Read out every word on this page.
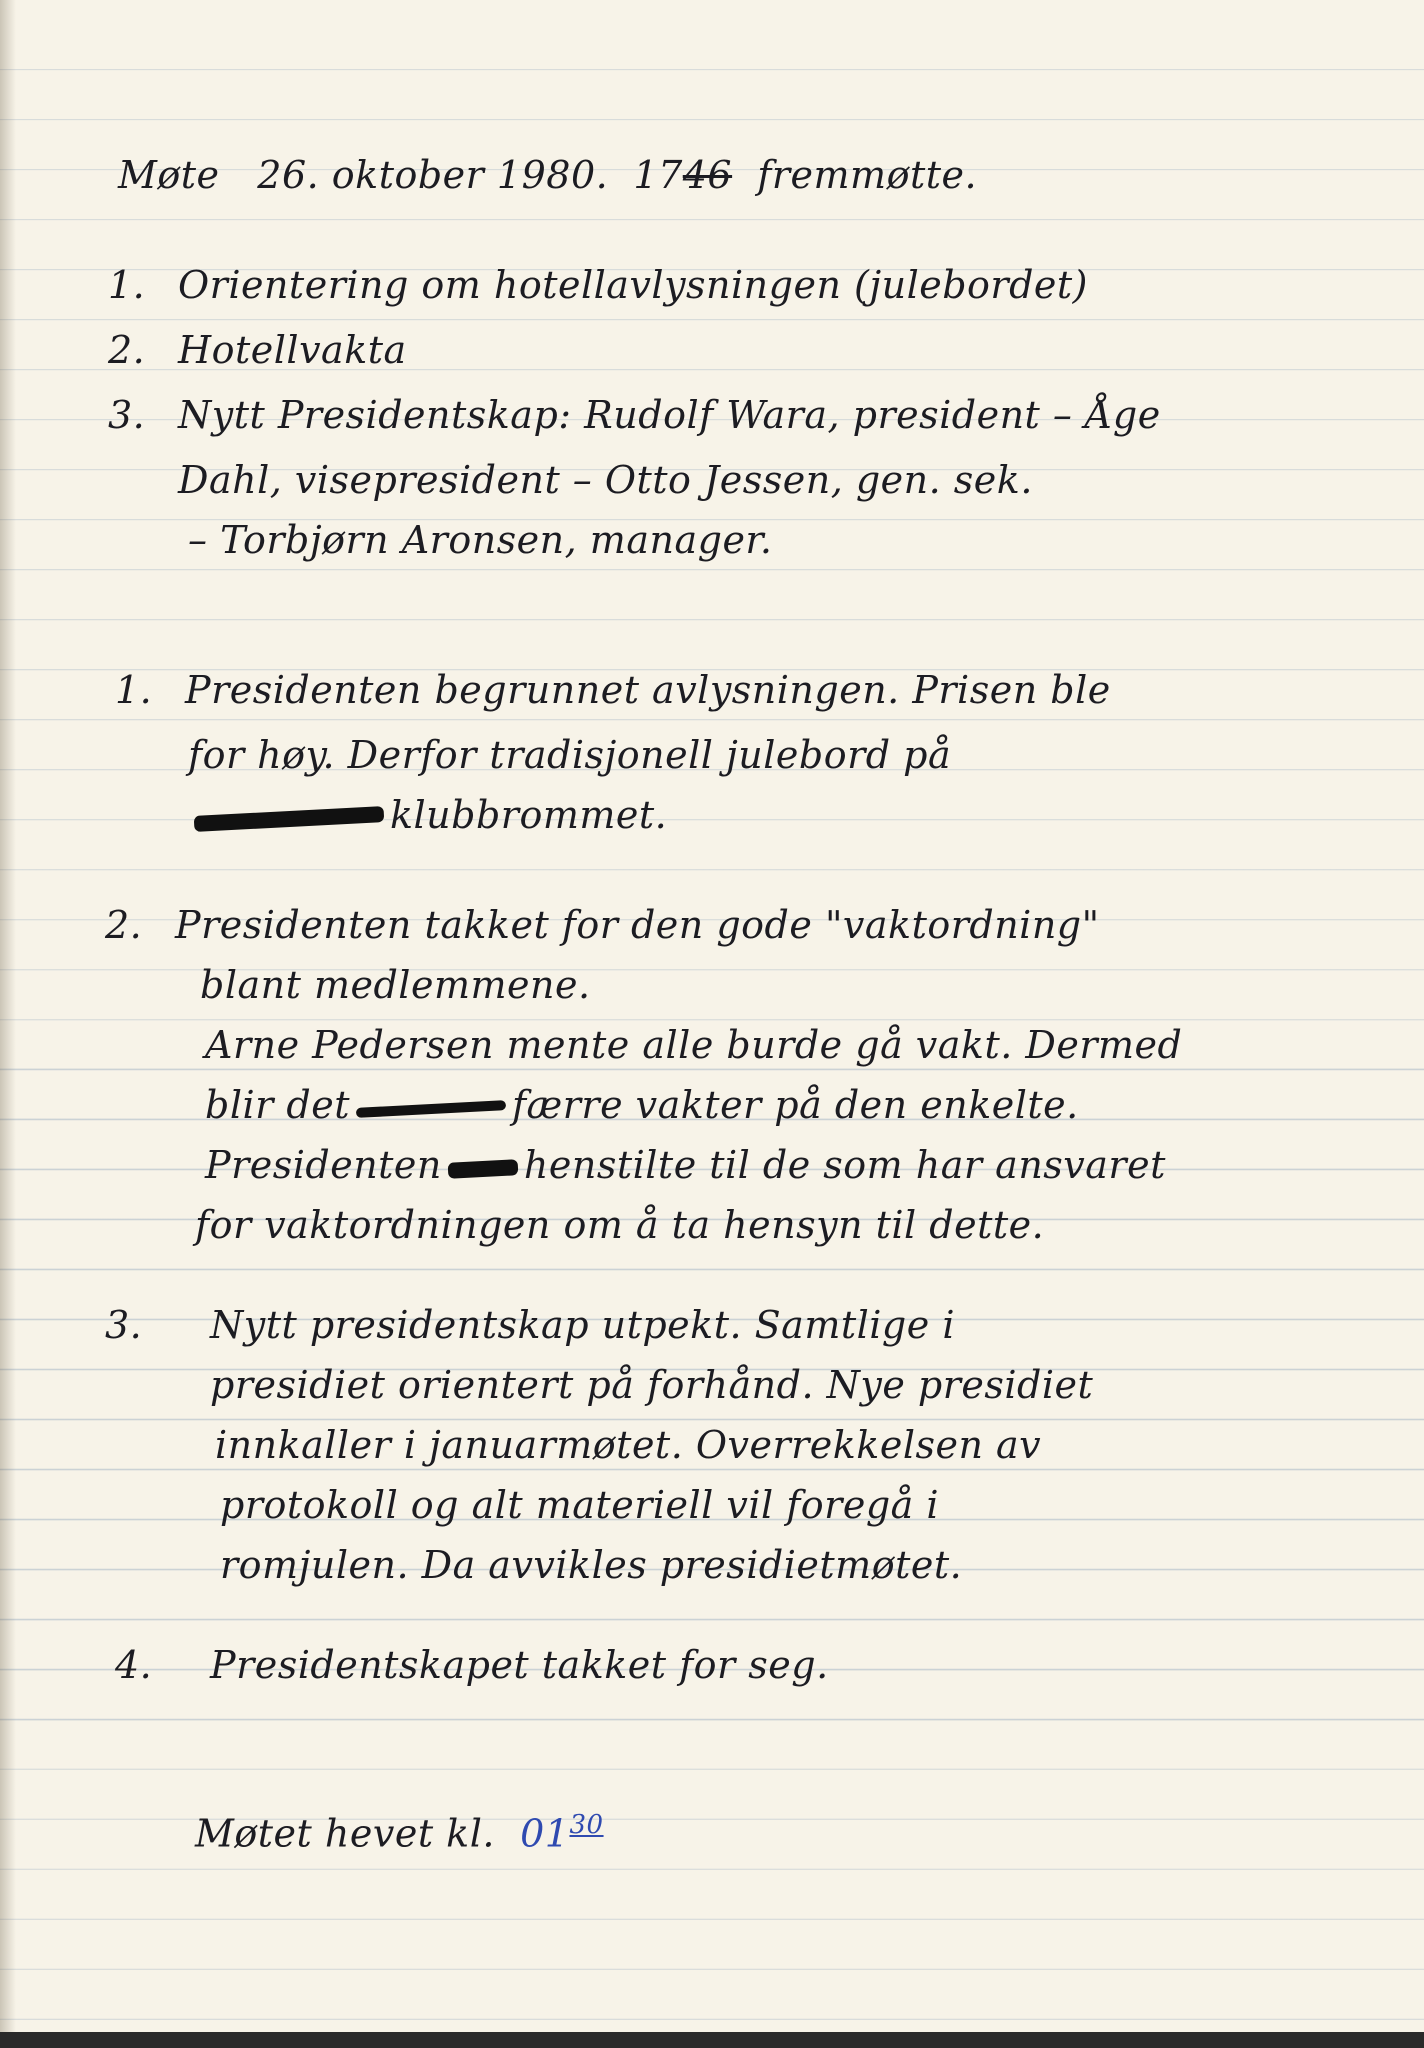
Møte 26. oktober 1980. 1746 fremmøtte.
1. Orientering om hotellavlysningen (julebordet)
2. Hotellvakta
3. Nytt Presidentskap: Rudolf Wara, president – Åge
Dahl, visepresident – Otto Jessen, gen. sek.
– Torbjørn Aronsen, manager.
1. Presidenten begrunnet avlysningen. Prisen ble
for høy. Derfor tradisjonell julebord på
klubbrommet.
2. Presidenten takket for den gode "vaktordning"
blant medlemmene.
Arne Pedersen mente alle burde gå vakt. Dermed
blir det	færre vakter på den enkelte.
Presidenten henstilte til de som har ansvaret
for vaktordningen om å ta hensyn til dette.
3. Nytt presidentskap utpekt. Samtlige i
presidiet orientert på forhånd. Nye presidiet
innkaller i januarmøtet. Overrekkelsen av
protokoll og alt materiell vil foregå i
romjulen. Da avvikles presidietmøtet.
4. Presidentskapet takket for seg.
Møtet hevet kl. $01^{30}$
